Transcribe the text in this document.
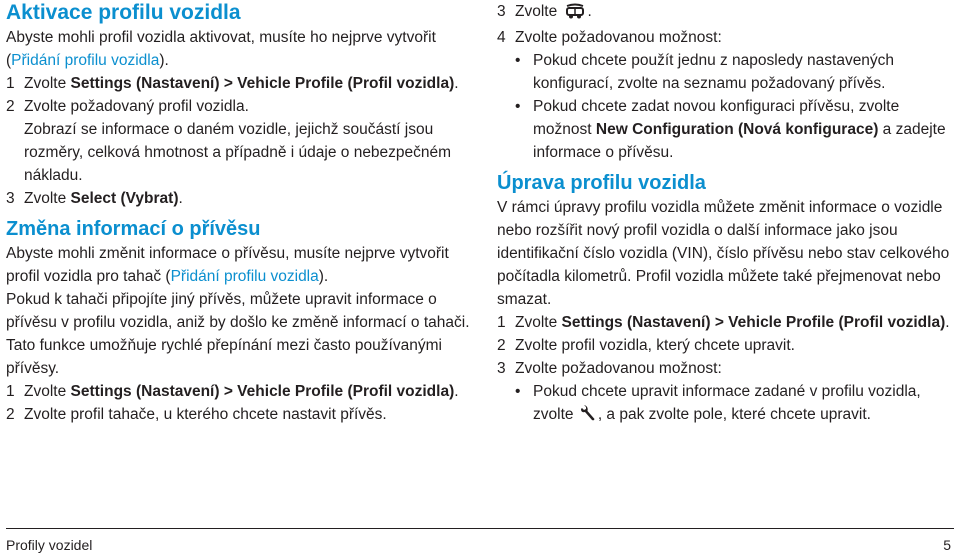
Aktivace profilu vozidla

Abyste mohli profil vozidla aktivovat, musíte ho nejprve vytvořit (Přidání profilu vozidla).

1 Zvolte Settings (Nastavení) > Vehicle Profile (Profil vozidla).
2 Zvolte požadovaný profil vozidla.

Zobrazí se informace o daném vozidle, jejichž součástí jsou rozměry, celková hmotnost a případně i údaje o nebezpečném nákladu.

3 Zvolte Select (Vybrat).
Změna informací o přívěsu

Abyste mohli změnit informace o přívěsu, musíte nejprve vytvořit profil vozidla pro tahač (Přidání profilu vozidla).

Pokud k tahači připojíte jiný přívěs, můžete upravit informace o přívěsu v profilu vozidla, aniž by došlo ke změně informací o tahači. Tato funkce umožňuje rychlé přepínání mezi často používanými přívěsy.

1 Zvolte Settings (Nastavení) > Vehicle Profile (Profil vozidla).
2 Zvolte profil tahače, u kterého chcete nastavit přívěs.
3 Zvolte .
4 Zvolte požadovanou možnost:
• Pokud chcete použít jednu z naposledy nastavených konfigurací, zvolte na seznamu požadovaný přívěs.
• Pokud chcete zadat novou konfiguraci přívěsu, zvolte možnost New Configuration (Nová konfigurace) a zadejte informace o přívěsu.
Úprava profilu vozidla

V rámci úpravy profilu vozidla můžete změnit informace o vozidle nebo rozšířit nový profil vozidla o další informace jako jsou identifikační číslo vozidla (VIN), číslo přívěsu nebo stav celkového počítadla kilometrů. Profil vozidla můžete také přejmenovat nebo smazat.

1 Zvolte Settings (Nastavení) > Vehicle Profile (Profil vozidla).
2 Zvolte profil vozidla, který chcete upravit.
3 Zvolte požadovanou možnost:
• Pokud chcete upravit informace zadané v profilu vozidla, zvolte , a pak zvolte pole, které chcete upravit.
Profily vozidel	5
